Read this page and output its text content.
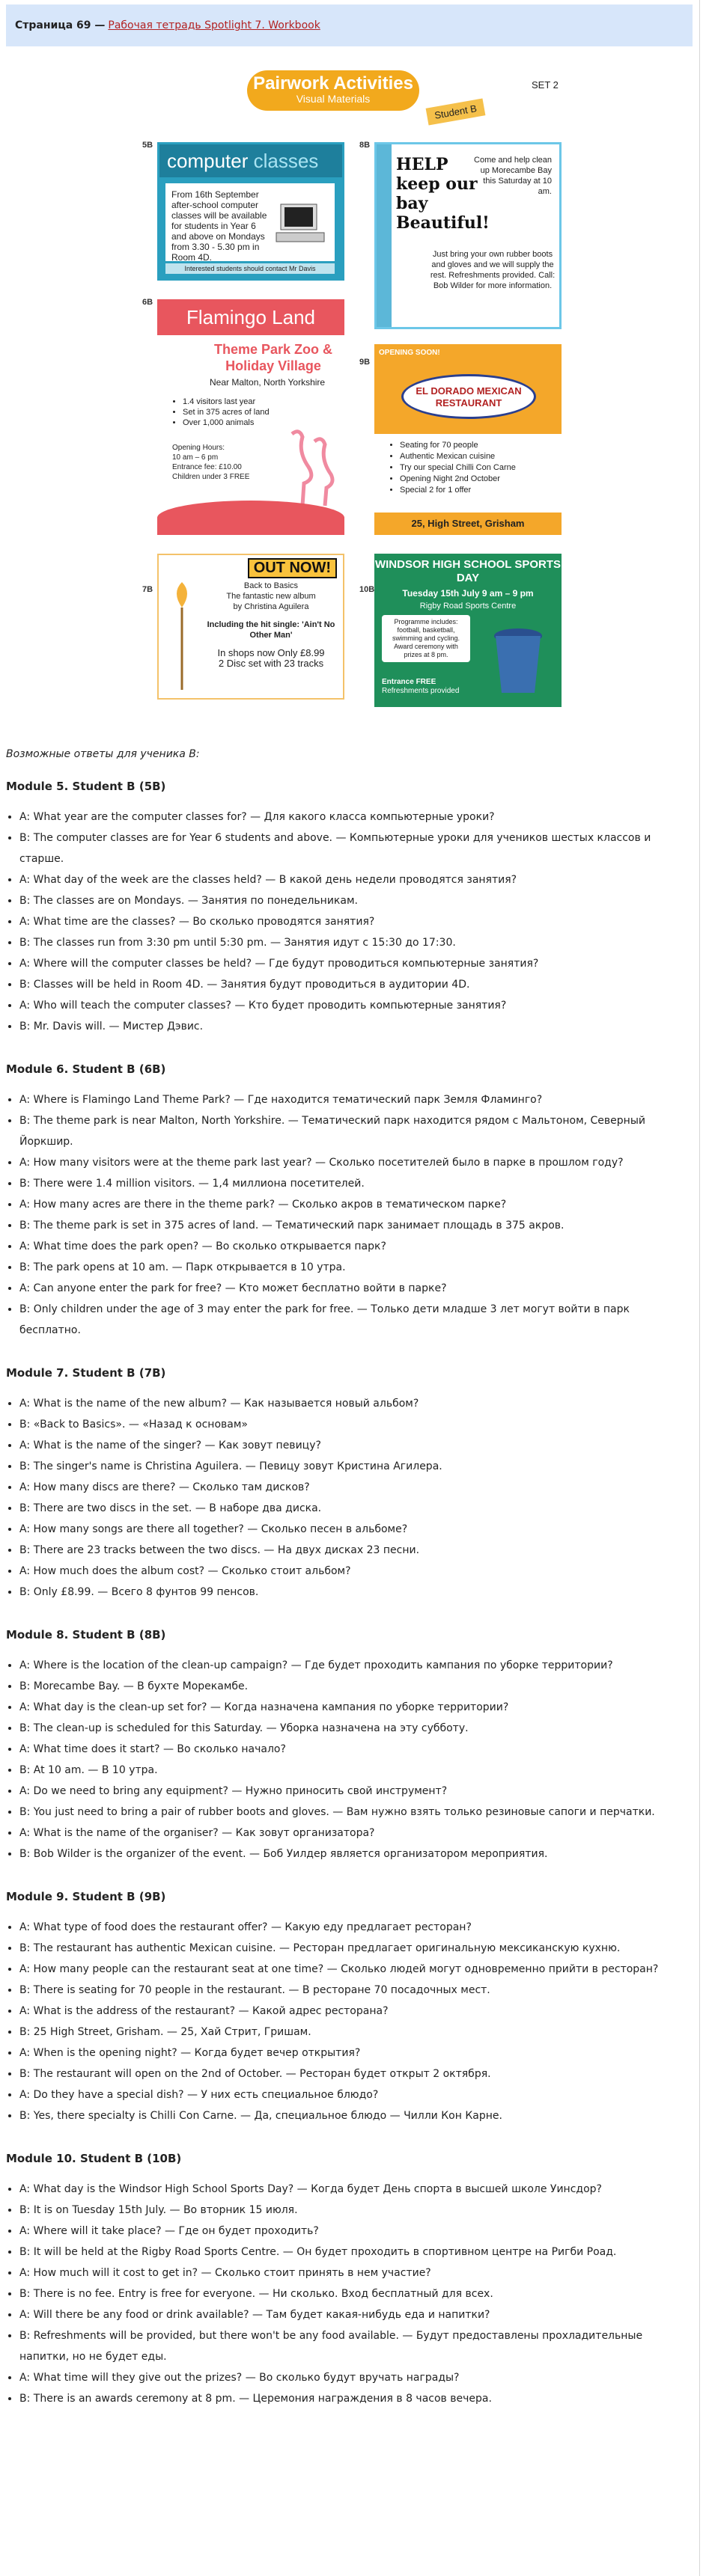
Страница 69 — Рабочая тетрадь Spotlight 7. Workbook
Pairwork Activities
Visual Materials
Student B
SET 2
5B
computer classes
From 16th September after-school computer classes will be available for students in Year 6 and above on Mondays from 3.30 - 5.30 pm in Room 4D.
Interested students should contact Mr Davis
8B
HELP keep our bay Beautiful!
Come and help clean up Morecambe Bay this Saturday at 10 am.
Just bring your own rubber boots and gloves and we will supply the rest. Refreshments provided. Call: Bob Wilder for more information.
6B
Flamingo Land
Theme Park Zoo & Holiday Village
Near Malton, North Yorkshire
• 1.4 visitors last year
• Set in 375 acres of land
• Over 1,000 animals
Opening Hours:
10 am – 6 pm
Entrance fee: £10.00
Children under 3 FREE
9B
OPENING SOON!
EL DORADO MEXICAN RESTAURANT
• Seating for 70 people
• Authentic Mexican cuisine
• Try our special Chilli Con Carne
• Opening Night 2nd October
• Special 2 for 1 offer
25, High Street, Grisham
7B
OUT NOW!
Back to Basics
The fantastic new album
by Christina Aguilera
Including the hit single: 'Ain't No Other Man'
In shops now Only £8.99
2 Disc set with 23 tracks
10B
WINDSOR HIGH SCHOOL SPORTS DAY
Tuesday 15th July 9 am – 9 pm
Rigby Road Sports Centre
Programme includes: football, basketball, swimming and cycling. Award ceremony with prizes at 8 pm.
Entrance FREE
Refreshments provided

Возможные ответы для ученика B:

Module 5. Student B (5B)
• A: What year are the computer classes for? — Для какого класса компьютерные уроки?
• B: The computer classes are for Year 6 students and above. — Компьютерные уроки для учеников шестых классов и старше.
• A: What day of the week are the classes held? — В какой день недели проводятся занятия?
• B: The classes are on Mondays. — Занятия по понедельникам.
• A: What time are the classes? — Во сколько проводятся занятия?
• B: The classes run from 3:30 pm until 5:30 pm. — Занятия идут с 15:30 до 17:30.
• A: Where will the computer classes be held? — Где будут проводиться компьютерные занятия?
• B: Classes will be held in Room 4D. — Занятия будут проводиться в аудитории 4D.
• A: Who will teach the computer classes? — Кто будет проводить компьютерные занятия?
• B: Mr. Davis will. — Мистер Дэвис.
Module 6. Student B (6B)
• A: Where is Flamingo Land Theme Park? — Где находится тематический парк Земля Фламинго?
• B: The theme park is near Malton, North Yorkshire. — Тематический парк находится рядом с Мальтоном, Северный Йоркшир.
• A: How many visitors were at the theme park last year? — Сколько посетителей было в парке в прошлом году?
• B: There were 1.4 million visitors. — 1,4 миллиона посетителей.
• A: How many acres are there in the theme park? — Сколько акров в тематическом парке?
• B: The theme park is set in 375 acres of land. — Тематический парк занимает площадь в 375 акров.
• A: What time does the park open? — Во сколько открывается парк?
• B: The park opens at 10 am. — Парк открывается в 10 утра.
• A: Can anyone enter the park for free? — Кто может бесплатно войти в парке?
• B: Only children under the age of 3 may enter the park for free. — Только дети младше 3 лет могут войти в парк бесплатно.
Module 7. Student B (7B)
• A: What is the name of the new album? — Как называется новый альбом?
• B: «Back to Basics». — «Назад к основам»
• A: What is the name of the singer? — Как зовут певицу?
• B: The singer's name is Christina Aguilera. — Певицу зовут Кристина Агилера.
• A: How many discs are there? — Сколько там дисков?
• B: There are two discs in the set. — В наборе два диска.
• A: How many songs are there all together? — Сколько песен в альбоме?
• B: There are 23 tracks between the two discs. — На двух дисках 23 песни.
• A: How much does the album cost? — Сколько стоит альбом?
• B: Only £8.99. — Всего 8 фунтов 99 пенсов.
Module 8. Student B (8B)
• A: Where is the location of the clean-up campaign? — Где будет проходить кампания по уборке территории?
• B: Morecambe Bay. — В бухте Морекамбе.
• A: What day is the clean-up set for? — Когда назначена кампания по уборке территории?
• B: The clean-up is scheduled for this Saturday. — Уборка назначена на эту субботу.
• A: What time does it start? — Во сколько начало?
• B: At 10 am. — В 10 утра.
• A: Do we need to bring any equipment? — Нужно приносить свой инструмент?
• B: You just need to bring a pair of rubber boots and gloves. — Вам нужно взять только резиновые сапоги и перчатки.
• A: What is the name of the organiser? — Как зовут организатора?
• B: Bob Wilder is the organizer of the event. — Боб Уилдер является организатором мероприятия.
Module 9. Student B (9B)
• A: What type of food does the restaurant offer? — Какую еду предлагает ресторан?
• B: The restaurant has authentic Mexican cuisine. — Ресторан предлагает оригинальную мексиканскую кухню.
• A: How many people can the restaurant seat at one time? — Сколько людей могут одновременно прийти в ресторан?
• B: There is seating for 70 people in the restaurant. — В ресторане 70 посадочных мест.
• A: What is the address of the restaurant? — Какой адрес ресторана?
• B: 25 High Street, Grisham. — 25, Хай Стрит, Гришам.
• A: When is the opening night? — Когда будет вечер открытия?
• B: The restaurant will open on the 2nd of October. — Ресторан будет открыт 2 октября.
• A: Do they have a special dish? — У них есть специальное блюдо?
• B: Yes, there specialty is Chilli Con Carne. — Да, специальное блюдо — Чилли Кон Карне.
Module 10. Student B (10B)
• A: What day is the Windsor High School Sports Day? — Когда будет День спорта в высшей школе Уинсдор?
• B: It is on Tuesday 15th July. — Во вторник 15 июля.
• A: Where will it take place? — Где он будет проходить?
• B: It will be held at the Rigby Road Sports Centre. — Он будет проходить в спортивном центре на Ригби Роад.
• A: How much will it cost to get in? — Сколько стоит принять в нем участие?
• B: There is no fee. Entry is free for everyone. — Ни сколько. Вход бесплатный для всех.
• A: Will there be any food or drink available? — Там будет какая-нибудь еда и напитки?
• B: Refreshments will be provided, but there won't be any food available. — Будут предоставлены прохладительные напитки, но не будет еды.
• A: What time will they give out the prizes? — Во сколько будут вручать награды?
• B: There is an awards ceremony at 8 pm. — Церемония награждения в 8 часов вечера.
